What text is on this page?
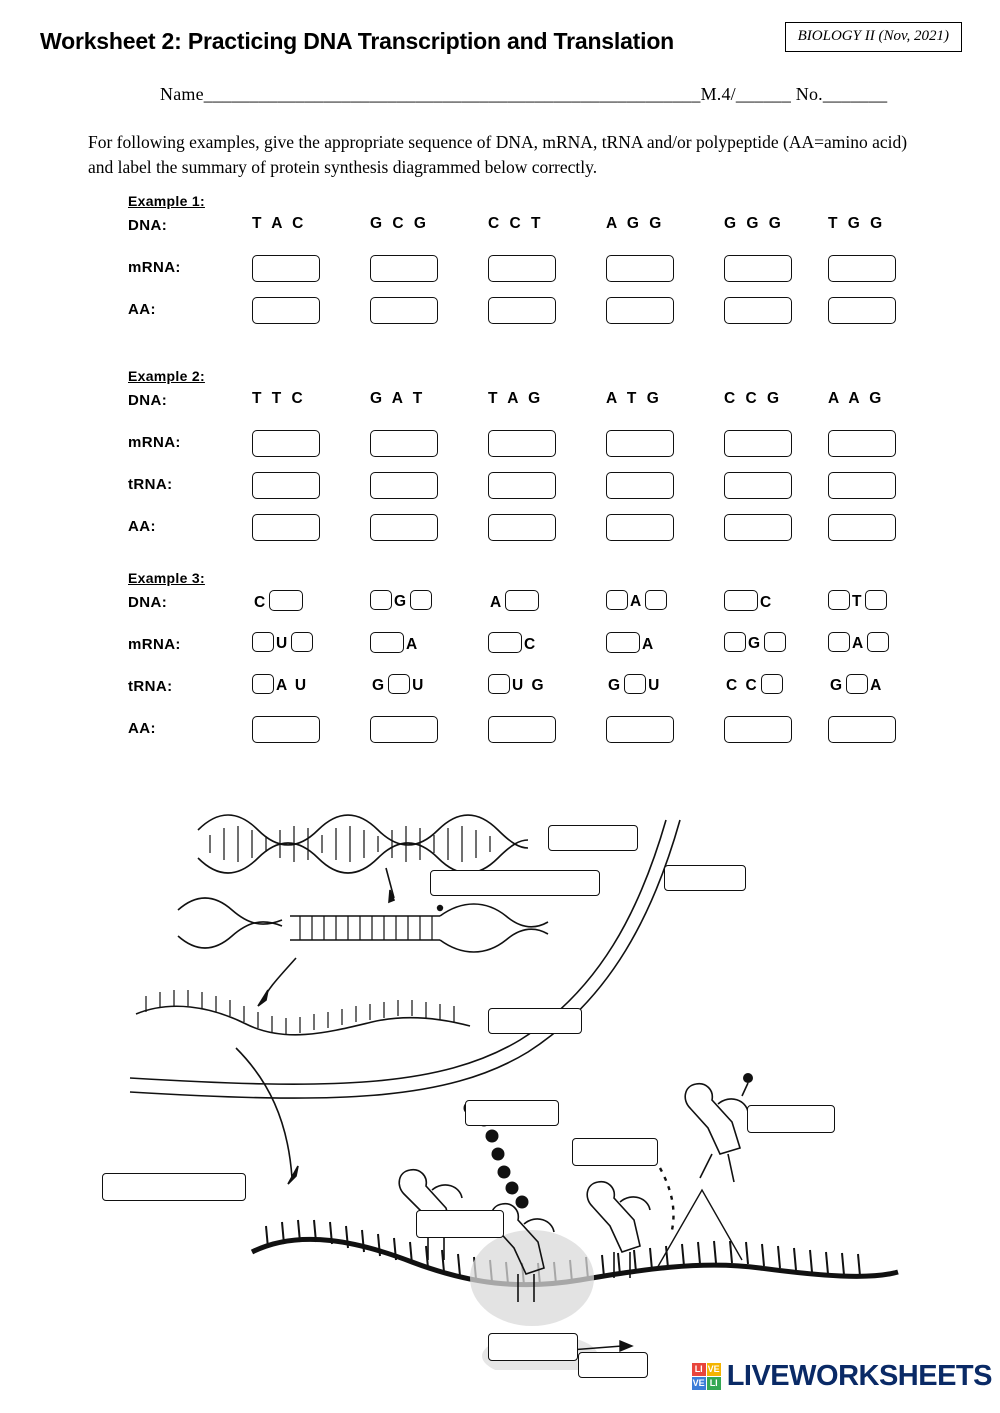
Worksheet 2: Practicing DNA Transcription and Translation	BIOLOGY II (Nov, 2021)
Name______________________________________________________M.4/______ No._______
For following examples, give the appropriate sequence of DNA, mRNA, tRNA and/or polypeptide (AA=amino acid) and label the summary of protein synthesis diagrammed below correctly.
Example 1:
DNA:	T A C	G C G	C C T	A G G	G G G	T G G
mRNA:
AA:
Example 2:
DNA:	T T C	G A T	T A G	A T G	C C G	A A G
mRNA:
tRNA:
AA:
Example 3:
DNA:	C	G	A	A	C	T
mRNA:	U	A	C	A	G	A
tRNA:	A U	G U	U G	G U	C C	G A
AA:
LI VE
VE LI LIVEWORKSHEETS
